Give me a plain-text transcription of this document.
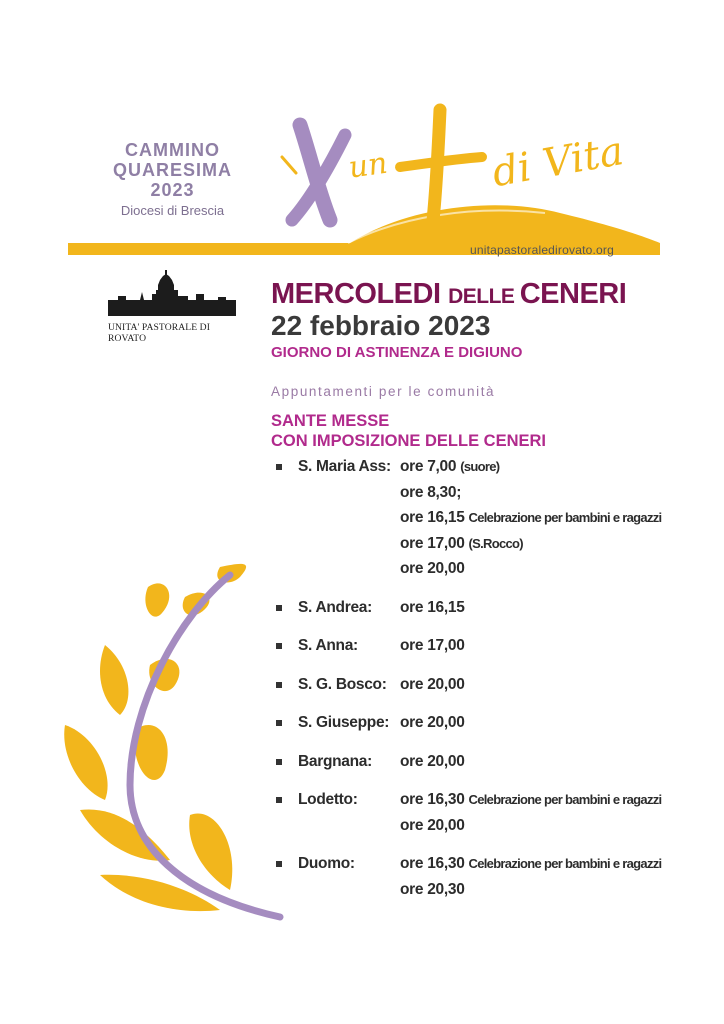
CAMMINO
QUARESIMA
2023
Diocesi di Brescia
un di Vita
unitapastoraledirovato.org
UNITA' PASTORALE DI ROVATO
MERCOLEDI DELLE CENERI
22 febbraio 2023
GIORNO DI ASTINENZA E DIGIUNO
Appuntamenti per le comunità
SANTE MESSE
CON IMPOSIZIONE DELLE CENERI
S. Maria Ass: ore 7,00 (suore)
ore 8,30;
ore 16,15 Celebrazione per bambini e ragazzi
ore 17,00 (S.Rocco)
ore 20,00
S. Andrea: ore 16,15
S. Anna:	ore 17,00
S. G. Bosco: ore 20,00
S. Giuseppe: ore 20,00
Bargnana: ore 20,00
Lodetto:	ore 16,30 Celebrazione per bambini e ragazzi
ore 20,00
Duomo:	ore 16,30 Celebrazione per bambini e ragazzi
ore 20,30
